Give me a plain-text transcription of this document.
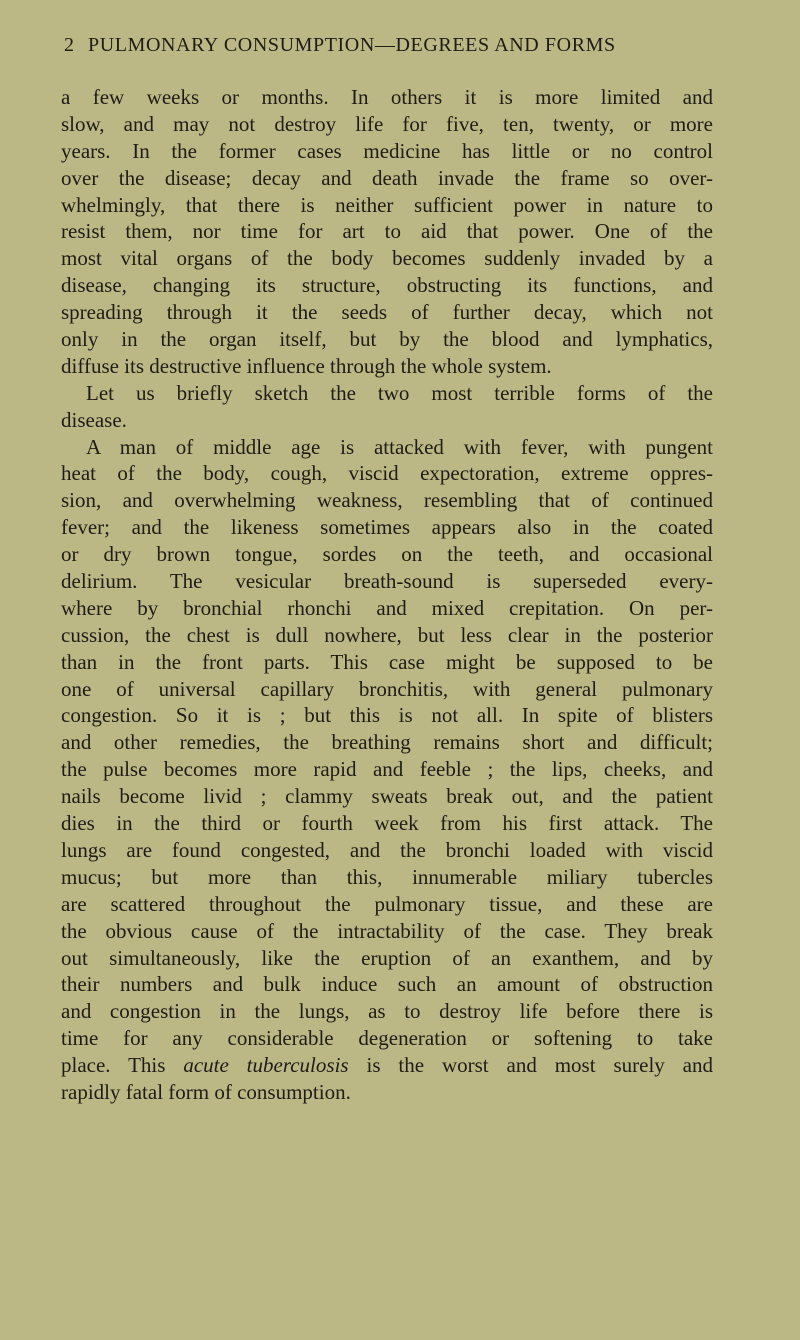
2 PULMONARY CONSUMPTION—DEGREES AND FORMS
a few weeks or months. In others it is more limited and
slow, and may not destroy life for five, ten, twenty, or more
years. In the former cases medicine has little or no control
over the disease; decay and death invade the frame so over-
whelmingly, that there is neither sufficient power in nature to
resist them, nor time for art to aid that power. One of the
most vital organs of the body becomes suddenly invaded by a
disease, changing its structure, obstructing its functions, and
spreading through it the seeds of further decay, which not
only in the organ itself, but by the blood and lymphatics,
diffuse its destructive influence through the whole system.
Let us briefly sketch the two most terrible forms of the
disease.
A man of middle age is attacked with fever, with pungent
heat of the body, cough, viscid expectoration, extreme oppres-
sion, and overwhelming weakness, resembling that of continued
fever; and the likeness sometimes appears also in the coated
or dry brown tongue, sordes on the teeth, and occasional
delirium. The vesicular breath-sound is superseded every-
where by bronchial rhonchi and mixed crepitation. On per-
cussion, the chest is dull nowhere, but less clear in the posterior
than in the front parts. This case might be supposed to be
one of universal capillary bronchitis, with general pulmonary
congestion. So it is ; but this is not all. In spite of blisters
and other remedies, the breathing remains short and difficult;
the pulse becomes more rapid and feeble ; the lips, cheeks, and
nails become livid ; clammy sweats break out, and the patient
dies in the third or fourth week from his first attack. The
lungs are found congested, and the bronchi loaded with viscid
mucus; but more than this, innumerable miliary tubercles
are scattered throughout the pulmonary tissue, and these are
the obvious cause of the intractability of the case. They break
out simultaneously, like the eruption of an exanthem, and by
their numbers and bulk induce such an amount of obstruction
and congestion in the lungs, as to destroy life before there is
time for any considerable degeneration or softening to take
place. This acute tuberculosis is the worst and most surely and
rapidly fatal form of consumption.
